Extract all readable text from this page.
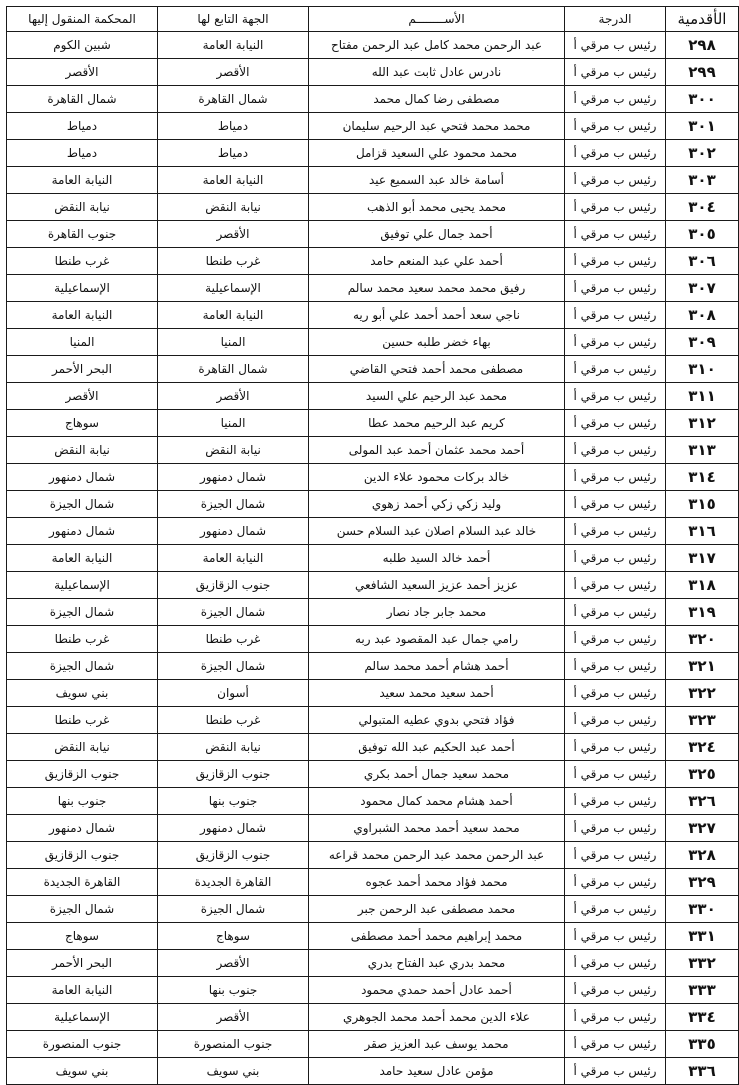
الأقدمية	الدرجة	الأســــــــم	الجهة التابع لها	المحكمة المنقول إليها
٢٩٨	رئيس ب مرقي أ	عبد الرحمن محمد كامل عبد الرحمن مفتاح	النيابة العامة	شبين الكوم
٢٩٩	رئيس ب مرقي أ	نادرس عادل ثابت عبد الله	الأقصر	الأقصر
٣٠٠	رئيس ب مرقي أ	مصطفى رضا كمال محمد	شمال القاهرة	شمال القاهرة
٣٠١	رئيس ب مرقي أ	محمد محمد فتحي عبد الرحيم سليمان	دمياط	دمياط
٣٠٢	رئيس ب مرقي أ	محمد محمود علي السعيد قزامل	دمياط	دمياط
٣٠٣	رئيس ب مرقي أ	أسامة خالد عبد السميع عيد	النيابة العامة	النيابة العامة
٣٠٤	رئيس ب مرقي أ	محمد يحيى محمد أبو الذهب	نيابة النقض	نيابة النقض
٣٠٥	رئيس ب مرقي أ	أحمد جمال علي توفيق	الأقصر	جنوب القاهرة
٣٠٦	رئيس ب مرقي أ	أحمد علي عبد المنعم حامد	غرب طنطا	غرب طنطا
٣٠٧	رئيس ب مرقي أ	رفيق محمد محمد سعيد محمد سالم	الإسماعيلية	الإسماعيلية
٣٠٨	رئيس ب مرقي أ	ناجي سعد أحمد أحمد علي أبو ريه	النيابة العامة	النيابة العامة
٣٠٩	رئيس ب مرقي أ	بهاء خضر طلبه حسين	المنيا	المنيا
٣١٠	رئيس ب مرقي أ	مصطفى محمد أحمد فتحي القاضي	شمال القاهرة	البحر الأحمر
٣١١	رئيس ب مرقي أ	محمد عبد الرحيم علي السيد	الأقصر	الأقصر
٣١٢	رئيس ب مرقي أ	كريم عبد الرحيم محمد عطا	المنيا	سوهاج
٣١٣	رئيس ب مرقي أ	أحمد محمد عثمان أحمد عبد المولى	نيابة النقض	نيابة النقض
٣١٤	رئيس ب مرقي أ	خالد بركات محمود علاء الدين	شمال دمنهور	شمال دمنهور
٣١٥	رئيس ب مرقي أ	وليد زكي زكي أحمد زهوي	شمال الجيزة	شمال الجيزة
٣١٦	رئيس ب مرقي أ	خالد عبد السلام اصلان عبد السلام حسن	شمال دمنهور	شمال دمنهور
٣١٧	رئيس ب مرقي أ	أحمد خالد السيد طلبه	النيابة العامة	النيابة العامة
٣١٨	رئيس ب مرقي أ	عزيز أحمد عزيز السعيد الشافعي	جنوب الزقازيق	الإسماعيلية
٣١٩	رئيس ب مرقي أ	محمد جابر جاد نصار	شمال الجيزة	شمال الجيزة
٣٢٠	رئيس ب مرقي أ	رامي جمال عبد المقصود عبد ربه	غرب طنطا	غرب طنطا
٣٢١	رئيس ب مرقي أ	أحمد هشام أحمد محمد سالم	شمال الجيزة	شمال الجيزة
٣٢٢	رئيس ب مرقي أ	أحمد سعيد محمد سعيد	أسوان	بني سويف
٣٢٣	رئيس ب مرقي أ	فؤاد فتحي بدوي عطيه المتبولي	غرب طنطا	غرب طنطا
٣٢٤	رئيس ب مرقي أ	أحمد عبد الحكيم عبد الله توفيق	نيابة النقض	نيابة النقض
٣٢٥	رئيس ب مرقي أ	محمد سعيد جمال أحمد بكري	جنوب الزقازيق	جنوب الزقازيق
٣٢٦	رئيس ب مرقي أ	أحمد هشام محمد كمال محمود	جنوب بنها	جنوب بنها
٣٢٧	رئيس ب مرقي أ	محمد سعيد أحمد محمد الشبراوي	شمال دمنهور	شمال دمنهور
٣٢٨	رئيس ب مرقي أ	عبد الرحمن محمد عبد الرحمن محمد قراعه	جنوب الزقازيق	جنوب الزقازيق
٣٢٩	رئيس ب مرقي أ	محمد فؤاد محمد أحمد عجوه	القاهرة الجديدة	القاهرة الجديدة
٣٣٠	رئيس ب مرقي أ	محمد مصطفى عبد الرحمن جبر	شمال الجيزة	شمال الجيزة
٣٣١	رئيس ب مرقي أ	محمد إبراهيم محمد أحمد مصطفى	سوهاج	سوهاج
٣٣٢	رئيس ب مرقي أ	محمد بدري عبد الفتاح بدري	الأقصر	البحر الأحمر
٣٣٣	رئيس ب مرقي أ	أحمد عادل أحمد حمدي محمود	جنوب بنها	النيابة العامة
٣٣٤	رئيس ب مرقي أ	علاء الدين محمد أحمد محمد الجوهري	الأقصر	الإسماعيلية
٣٣٥	رئيس ب مرقي أ	محمد يوسف عبد العزيز صقر	جنوب المنصورة	جنوب المنصورة
٣٣٦	رئيس ب مرقي أ	مؤمن عادل سعيد حامد	بني سويف	بني سويف
